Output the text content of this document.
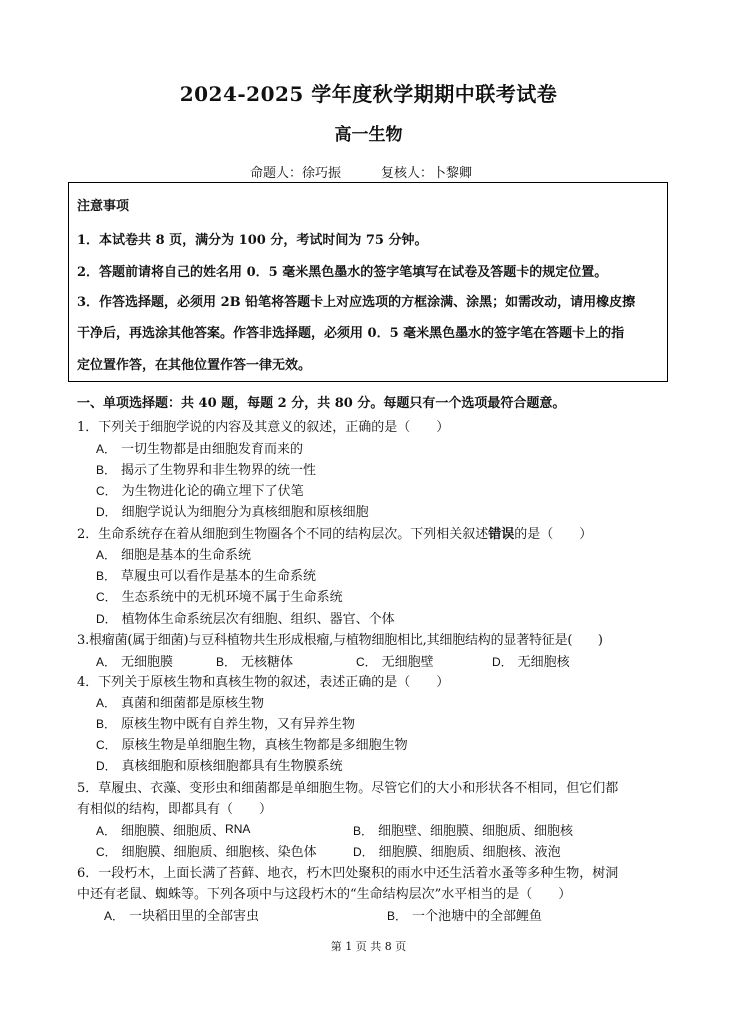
2024-2025 学年度秋学期期中联考试卷
高一生物
命题人：徐巧振	复核人：卜黎卿
注意事项
1．本试卷共 8 页，满分为 100 分，考试时间为 75 分钟。
2．答题前请将自己的姓名用 0．5 毫米黑色墨水的签字笔填写在试卷及答题卡的规定位置。
3．作答选择题，必须用 2B 铅笔将答题卡上对应选项的方框涂满、涂黑；如需改动，请用橡皮擦
干净后，再选涂其他答案。作答非选择题，必须用 0．5 毫米黑色墨水的签字笔在答题卡上的指
定位置作答，在其他位置作答一律无效。
一、单项选择题：共 40 题，每题 2 分，共 80 分。每题只有一个选项最符合题意。
1．下列关于细胞学说的内容及其意义的叙述，正确的是（　　）
A． 一切生物都是由细胞发育而来的
B． 揭示了生物界和非生物界的统一性
C． 为生物进化论的确立埋下了伏笔
D． 细胞学说认为细胞分为真核细胞和原核细胞
2．生命系统存在着从细胞到生物圈各个不同的结构层次。下列相关叙述错误的是（　　）
A． 细胞是基本的生命系统
B． 草履虫可以看作是基本的生命系统
C． 生态系统中的无机环境不属于生命系统
D． 植物体生命系统层次有细胞、组织、器官、个体
3.根瘤菌(属于细菌)与豆科植物共生形成根瘤,与植物细胞相比,其细胞结构的显著特征是(　　)
A． 无细胞膜	B． 无核糖体	C． 无细胞壁	D． 无细胞核
4．下列关于原核生物和真核生物的叙述，表述正确的是（　　）
A． 真菌和细菌都是原核生物
B． 原核生物中既有自养生物，又有异养生物
C． 原核生物是单细胞生物，真核生物都是多细胞生物
D． 真核细胞和原核细胞都具有生物膜系统
5．草履虫、衣藻、变形虫和细菌都是单细胞生物。尽管它们的大小和形状各不相同，但它们都
有相似的结构，即都具有（　　）
A． 细胞膜、细胞质、RNA	B． 细胞壁、细胞膜、细胞质、细胞核
C． 细胞膜、细胞质、细胞核、染色体	D． 细胞膜、细胞质、细胞核、液泡
6．一段朽木，上面长满了苔藓、地衣，朽木凹处聚积的雨水中还生活着水蚤等多种生物，树洞
中还有老鼠、蜘蛛等。下列各项中与这段朽木的“生命结构层次”水平相当的是（　　）
A． 一块稻田里的全部害虫	B． 一个池塘中的全部鲤鱼
第 1 页 共 8 页
